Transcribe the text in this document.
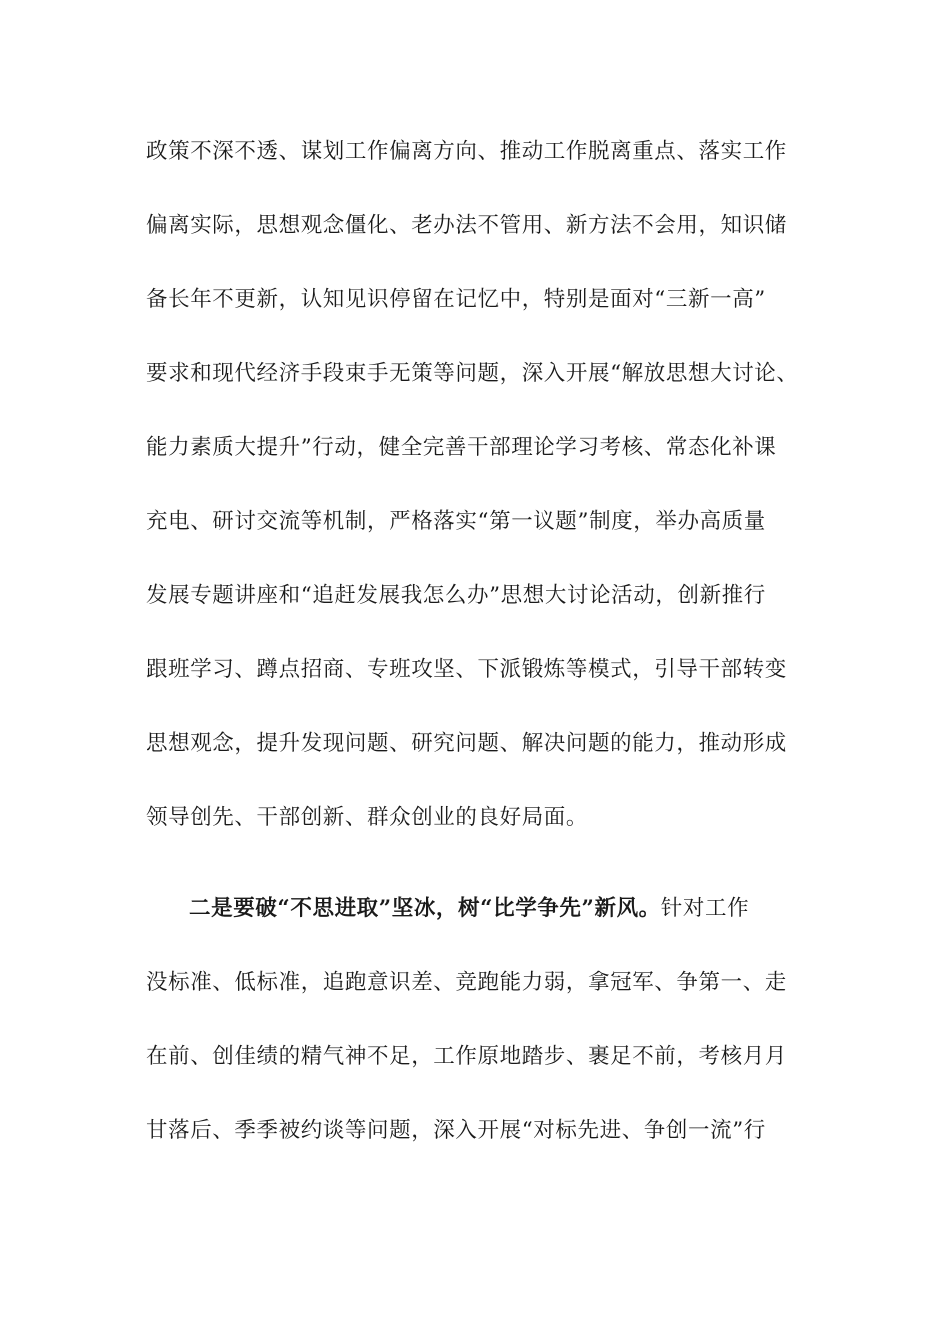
政策不深不透、谋划工作偏离方向、推动工作脱离重点、落实工作
偏离实际，思想观念僵化、老办法不管用、新方法不会用，知识储
备长年不更新，认知见识停留在记忆中，特别是面对“三新一高”
要求和现代经济手段束手无策等问题，深入开展“解放思想大讨论、
能力素质大提升”行动，健全完善干部理论学习考核、常态化补课
充电、研讨交流等机制，严格落实“第一议题”制度，举办高质量
发展专题讲座和“追赶发展我怎么办”思想大讨论活动，创新推行
跟班学习、蹲点招商、专班攻坚、下派锻炼等模式，引导干部转变
思想观念，提升发现问题、研究问题、解决问题的能力，推动形成
领导创先、干部创新、群众创业的良好局面。
二是要破“不思进取”坚冰，树“比学争先”新风。针对工作
没标准、低标准，追跑意识差、竞跑能力弱，拿冠军、争第一、走
在前、创佳绩的精气神不足，工作原地踏步、裹足不前，考核月月
甘落后、季季被约谈等问题，深入开展“对标先进、争创一流”行
